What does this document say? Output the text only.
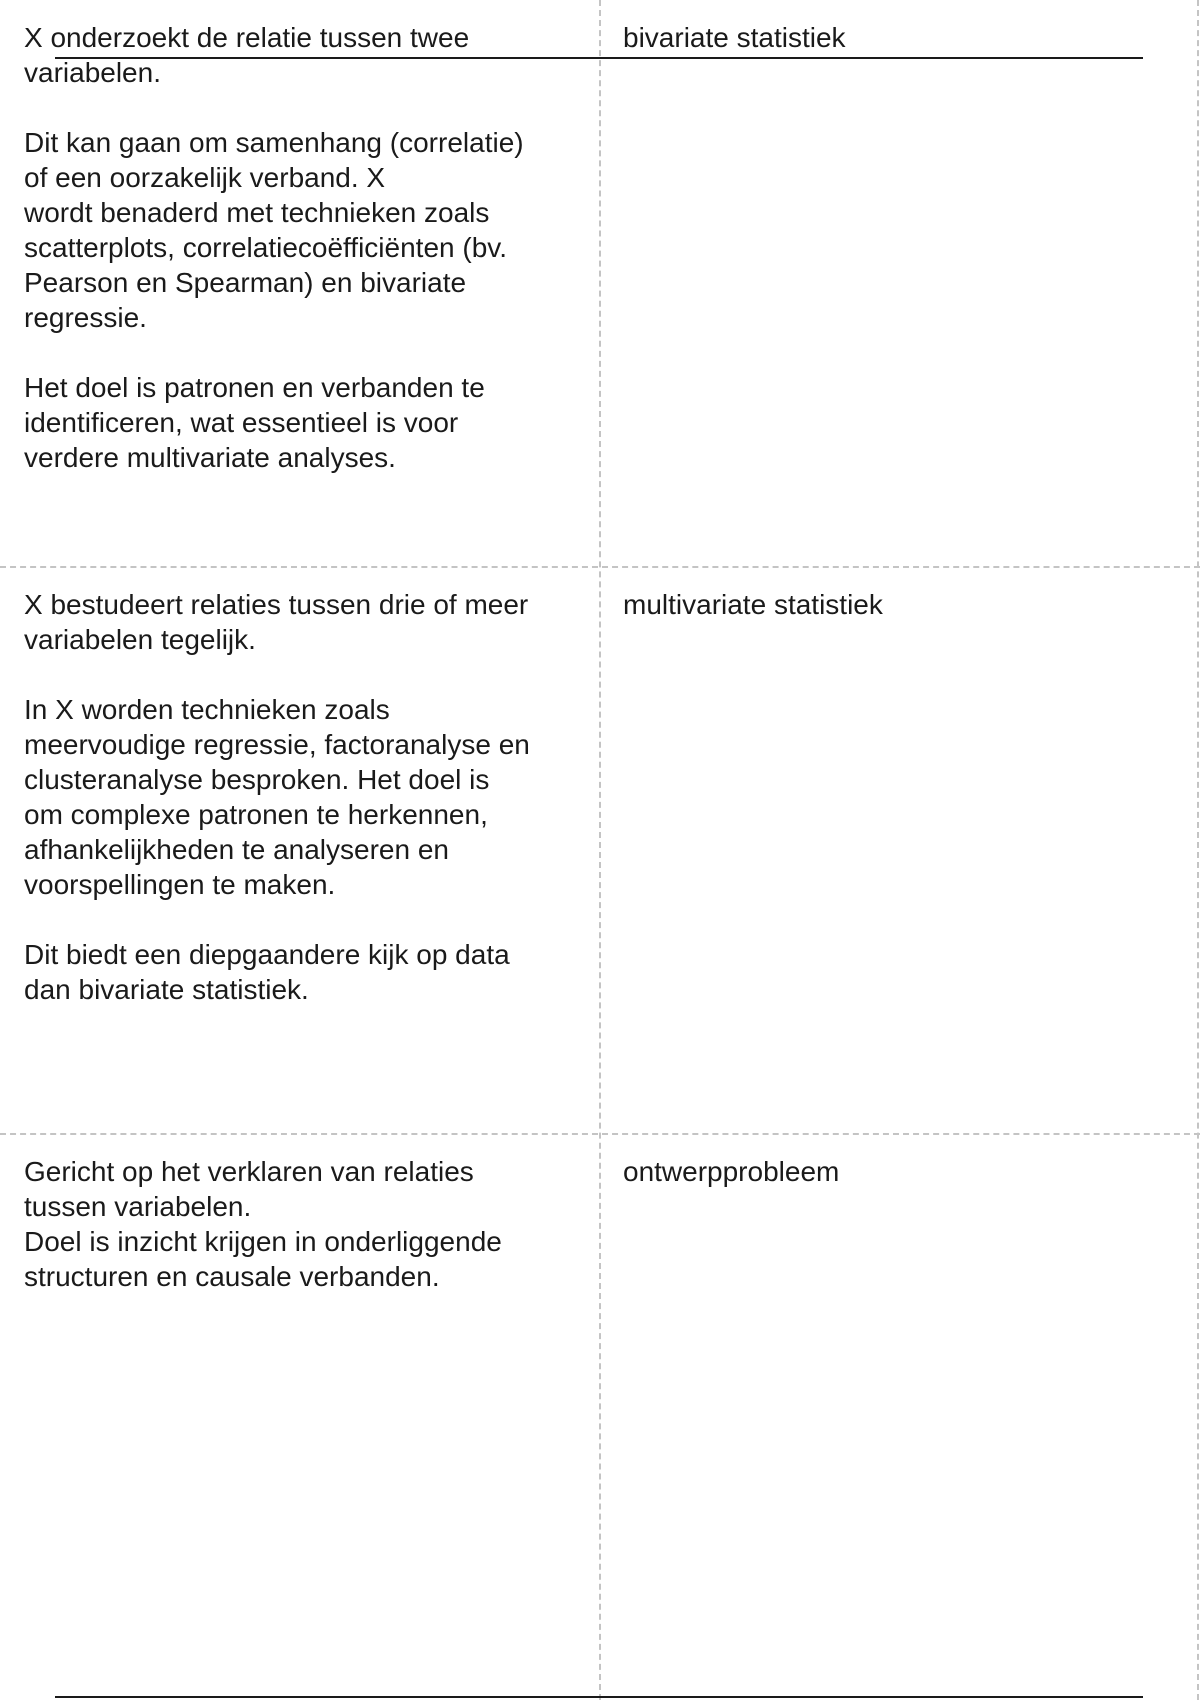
X onderzoekt de relatie tussen twee
variabelen.

Dit kan gaan om samenhang (correlatie)
of een oorzakelijk verband. X
wordt benaderd met technieken zoals
scatterplots, correlatiecoëfficiënten (bv.
Pearson en Spearman) en bivariate
regressie.

Het doel is patronen en verbanden te
identificeren, wat essentieel is voor
verdere multivariate analyses.

bivariate statistiek

X bestudeert relaties tussen drie of meer
variabelen tegelijk.

In X worden technieken zoals
meervoudige regressie, factoranalyse en
clusteranalyse besproken. Het doel is
om complexe patronen te herkennen,
afhankelijkheden te analyseren en
voorspellingen te maken.

Dit biedt een diepgaandere kijk op data
dan bivariate statistiek.

multivariate statistiek

Gericht op het verklaren van relaties
tussen variabelen.
Doel is inzicht krijgen in onderliggende
structuren en causale verbanden.

ontwerpprobleem
